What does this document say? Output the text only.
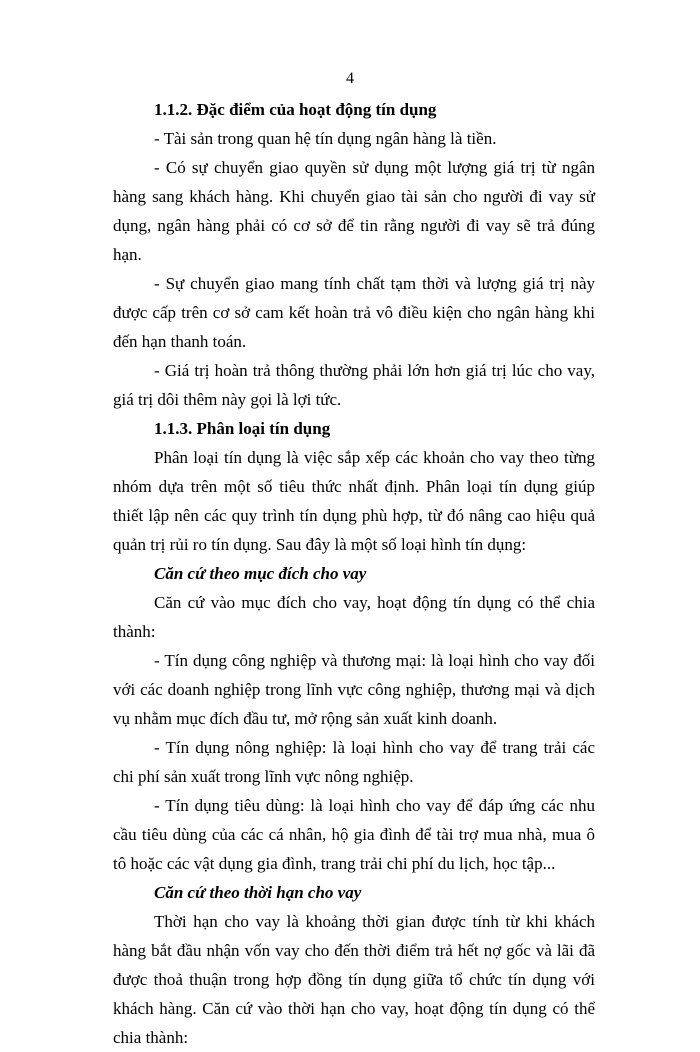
4

1.1.2. Đặc điểm của hoạt động tín dụng

- Tài sản trong quan hệ tín dụng ngân hàng là tiền.

- Có sự chuyển giao quyền sử dụng một lượng giá trị từ ngân hàng sang khách hàng. Khi chuyển giao tài sản cho người đi vay sử dụng, ngân hàng phải có cơ sở để tin rằng người đi vay sẽ trả đúng hạn.

- Sự chuyển giao mang tính chất tạm thời và lượng giá trị này được cấp trên cơ sở cam kết hoàn trả vô điều kiện cho ngân hàng khi đến hạn thanh toán.

- Giá trị hoàn trả thông thường phải lớn hơn giá trị lúc cho vay, giá trị dôi thêm này gọi là lợi tức.

1.1.3. Phân loại tín dụng

Phân loại tín dụng là việc sắp xếp các khoản cho vay theo từng nhóm dựa trên một số tiêu thức nhất định. Phân loại tín dụng giúp thiết lập nên các quy trình tín dụng phù hợp, từ đó nâng cao hiệu quả quản trị rủi ro tín dụng. Sau đây là một số loại hình tín dụng:

Căn cứ theo mục đích cho vay

Căn cứ vào mục đích cho vay, hoạt động tín dụng có thể chia thành:

- Tín dụng công nghiệp và thương mại: là loại hình cho vay đối với các doanh nghiệp trong lĩnh vực công nghiệp, thương mại và dịch vụ nhằm mục đích đầu tư, mở rộng sản xuất kinh doanh.

- Tín dụng nông nghiệp: là loại hình cho vay để trang trải các chi phí sản xuất trong lĩnh vực nông nghiệp.

- Tín dụng tiêu dùng: là loại hình cho vay để đáp ứng các nhu cầu tiêu dùng của các cá nhân, hộ gia đình để tài trợ mua nhà, mua ô tô hoặc các vật dụng gia đình, trang trải chi phí du lịch, học tập...

Căn cứ theo thời hạn cho vay

Thời hạn cho vay là khoảng thời gian được tính từ khi khách hàng bắt đầu nhận vốn vay cho đến thời điểm trả hết nợ gốc và lãi đã được thoả thuận trong hợp đồng tín dụng giữa tổ chức tín dụng với khách hàng. Căn cứ vào thời hạn cho vay, hoạt động tín dụng có thể chia thành:
